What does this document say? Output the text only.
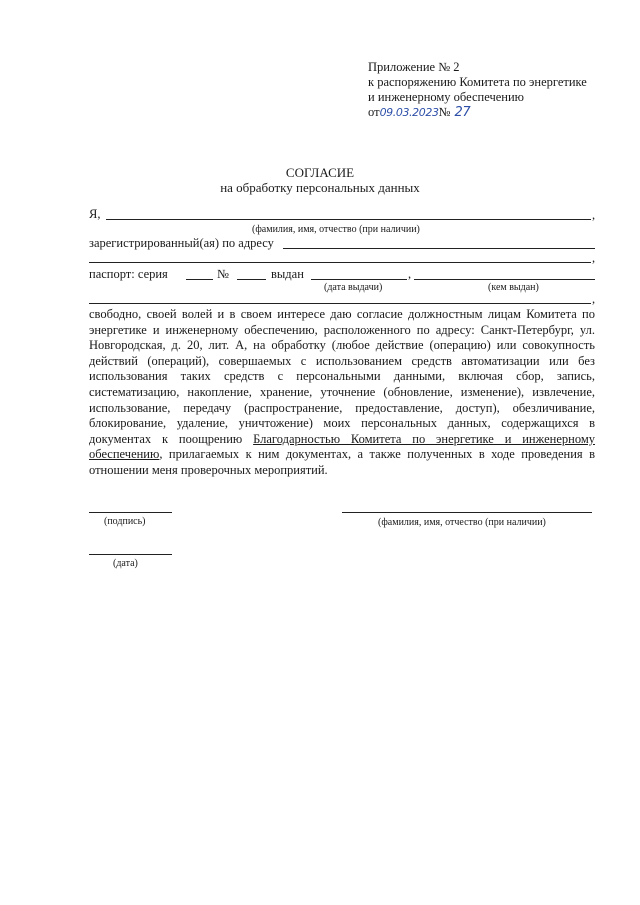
Приложение № 2
к распоряжению Комитета по энергетике
и инженерному обеспечению
от09.03.2023№ 27
СОГЛАСИЕ
на обработку персональных данных
Я,	,
(фамилия, имя, отчество (при наличии)
зарегистрированный(ая) по адресу
,
паспорт: серия	№	выдан	,
(дата выдачи)	(кем выдан)
,
свободно, своей волей и в своем интересе даю согласие должностным лицам Комитета по энергетике и инженерному обеспечению, расположенного по адресу: Санкт-Петербург, ул. Новгородская, д. 20, лит. А, на обработку (любое действие (операцию) или совокупность действий (операций), совершаемых с использованием средств автоматизации или без использования таких средств с персональными данными, включая сбор, запись, систематизацию, накопление, хранение, уточнение (обновление, изменение), извлечение, использование, передачу (распространение, предоставление, доступ), обезличивание, блокирование, удаление, уничтожение) моих персональных данных, содержащихся в документах к поощрению Благодарностью Комитета по энергетике и инженерному обеспечению, прилагаемых к ним документах, а также полученных в ходе проведения в отношении меня проверочных мероприятий.
(подпись)	(фамилия, имя, отчество (при наличии)
(дата)
